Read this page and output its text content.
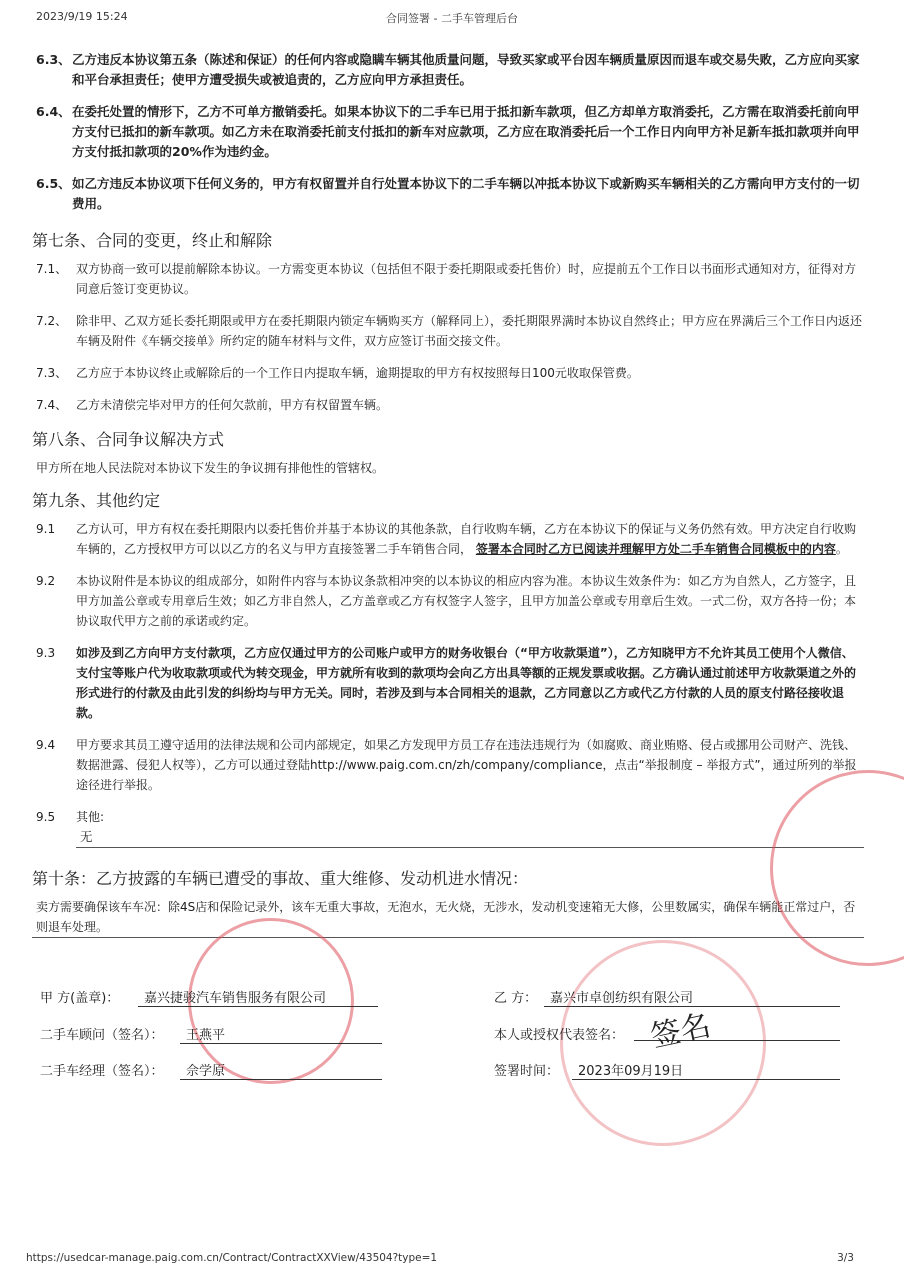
2023/9/19 15:24	合同签署 - 二手车管理后台
6.3、 乙方违反本协议第五条（陈述和保证）的任何内容或隐瞒车辆其他质量问题，导致买家或平台因车辆质量原因而退车或交易失败，乙方应向买家和平台承担责任；使甲方遭受损失或被追责的，乙方应向甲方承担责任。
6.4、 在委托处置的情形下，乙方不可单方撤销委托。如果本协议下的二手车已用于抵扣新车款项，但乙方却单方取消委托，乙方需在取消委托前向甲方支付已抵扣的新车款项。如乙方未在取消委托前支付抵扣的新车对应款项，乙方应在取消委托后一个工作日内向甲方补足新车抵扣款项并向甲方支付抵扣款项的20%作为违约金。
6.5、 如乙方违反本协议项下任何义务的，甲方有权留置并自行处置本协议下的二手车辆以冲抵本协议下或新购买车辆相关的乙方需向甲方支付的一切费用。
第七条、合同的变更，终止和解除
7.1、 双方协商一致可以提前解除本协议。一方需变更本协议（包括但不限于委托期限或委托售价）时，应提前五个工作日以书面形式通知对方，征得对方同意后签订变更协议。
7.2、 除非甲、乙双方延长委托期限或甲方在委托期限内锁定车辆购买方（解释同上），委托期限界满时本协议自然终止；甲方应在界满后三个工作日内返还车辆及附件《车辆交接单》所约定的随车材料与文件，双方应签订书面交接文件。
7.3、 乙方应于本协议终止或解除后的一个工作日内提取车辆，逾期提取的甲方有权按照每日100元收取保管费。
7.4、 乙方未清偿完毕对甲方的任何欠款前，甲方有权留置车辆。
第八条、合同争议解决方式
甲方所在地人民法院对本协议下发生的争议拥有排他性的管辖权。
第九条、其他约定
9.1	乙方认可，甲方有权在委托期限内以委托售价并基于本协议的其他条款，自行收购车辆，乙方在本协议下的保证与义务仍然有效。甲方决定自行收购车辆的，乙方授权甲方可以以乙方的名义与甲方直接签署二手车销售合同， 签署本合同时乙方已阅读并理解甲方处二手车销售合同模板中的内容。
9.2	本协议附件是本协议的组成部分，如附件内容与本协议条款相冲突的以本协议的相应内容为准。本协议生效条件为：如乙方为自然人，乙方签字，且甲方加盖公章或专用章后生效；如乙方非自然人，乙方盖章或乙方有权签字人签字，且甲方加盖公章或专用章后生效。一式二份，双方各持一份；本协议取代甲方之前的承诺或约定。
9.3	如涉及到乙方向甲方支付款项，乙方应仅通过甲方的公司账户或甲方的财务收银台（“甲方收款渠道”），乙方知晓甲方不允许其员工使用个人微信、支付宝等账户代为收取款项或代为转交现金，甲方就所有收到的款项均会向乙方出具等额的正规发票或收据。乙方确认通过前述甲方收款渠道之外的形式进行的付款及由此引发的纠纷均与甲方无关。同时，若涉及到与本合同相关的退款，乙方同意以乙方或代乙方付款的人员的原支付路径接收退款。
9.4	甲方要求其员工遵守适用的法律法规和公司内部规定，如果乙方发现甲方员工存在违法违规行为（如腐败、商业贿赂、侵占或挪用公司财产、洗钱、数据泄露、侵犯人权等），乙方可以通过登陆http://www.paig.com.cn/zh/company/compliance，点击“举报制度 – 举报方式”，通过所列的举报途径进行举报。
9.5	其他:
无
第十条：乙方披露的车辆已遭受的事故、重大维修、发动机进水情况：
卖方需要确保该车车况：除4S店和保险记录外，该车无重大事故，无泡水，无火烧，无涉水，发动机变速箱无大修，公里数属实，确保车辆能正常过户，否则退车处理。
甲 方(盖章)：	嘉兴捷骏汽车销售服务有限公司
二手车顾问（签名）：	王燕平
二手车经理（签名）：	佘学原
乙 方： 嘉兴市卓创纺织有限公司
本人或授权代表签名： 签名
签署时间：	2023年09月19日
https://usedcar-manage.paig.com.cn/Contract/ContractXXView/43504?type=1	3/3
